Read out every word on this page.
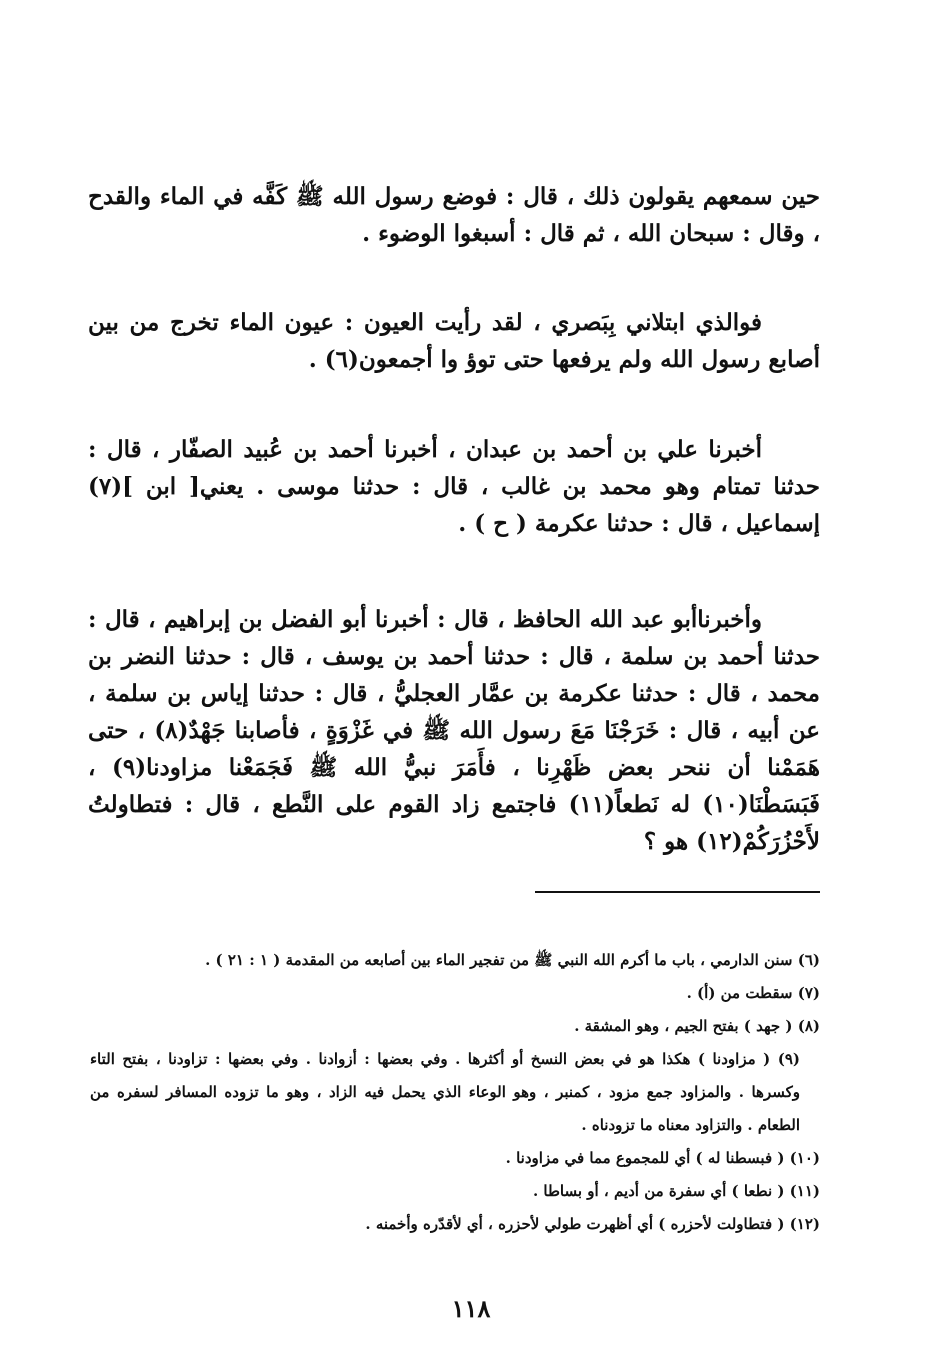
حين سمعهم يقولون ذلك ، قال : فوضع رسول الله ﷺ كَفَّه في الماء والقدح ، وقال : سبحان الله ، ثم قال : أسبغوا الوضوء .
فوالذي ابتلاني بِبَصري ، لقد رأيت العيون : عيون الماء تخرج من بين أصابع رسول الله ولم يرفعها حتى توؤ وا أجمعون(٦) .
أخبرنا علي بن أحمد بن عبدان ، أخبرنا أحمد بن عُبيد الصفّار ، قال : حدثنا تمتام وهو محمد بن غالب ، قال : حدثنا موسى . يعني[ ابن ](٧) إسماعيل ، قال : حدثنا عكرمة ( ح ) .
وأخبرناأبو عبد الله الحافظ ، قال : أخبرنا أبو الفضل بن إبراهيم ، قال : حدثنا أحمد بن سلمة ، قال : حدثنا أحمد بن يوسف ، قال : حدثنا النضر بن محمد ، قال : حدثنا عكرمة بن عمَّار العجليُّ ، قال : حدثنا إياس بن سلمة ، عن أبيه ، قال : خَرَجْنَا مَعَ رسول الله ﷺ في غَزْوَةٍ ، فأصابنا جَهْدٌ(٨) ، حتى هَمَمْنا أن ننحر بعض ظَهْرِنا ، فأَمَرَ نبيُّ الله ﷺ فَجَمَعْنا مزاودنا(٩) ، فَبَسَطْنَا(١٠) له نَطعاً(١١) فاجتمع زاد القوم على النَّطع ، قال : فتطاولتُ لأَحْزُرَكُمْ(١٢) هو ؟

(٦) سنن الدارمي ، باب ما أكرم الله النبي ﷺ من تفجير الماء بين أصابعه من المقدمة ( ١ : ٢١ ) .

(٧) سقطت من (أ) .

(٨) ( جهد ) بفتح الجيم ، وهو المشقة .

(٩) ( مزاودنا ) هكذا هو في بعض النسخ أو أكثرها . وفي بعضها : أزوادنا . وفي بعضها : تزاودنا ، بفتح التاء وكسرها . والمزاود جمع مزود ، كمنبر ، وهو الوعاء الذي يحمل فيه الزاد ، وهو ما تزوده المسافر لسفره من الطعام . والتزاود معناه ما تزودناه .

(١٠) ( فبسطنا له ) أي للمجموع مما في مزاودنا .

(١١) ( نطعا ) أي سفرة من أديم ، أو بساطا .

(١٢) ( فتطاولت لأحزره ) أي أظهرت طولي لأحزره ، أي لأقدّره وأخمنه .

١١٨
